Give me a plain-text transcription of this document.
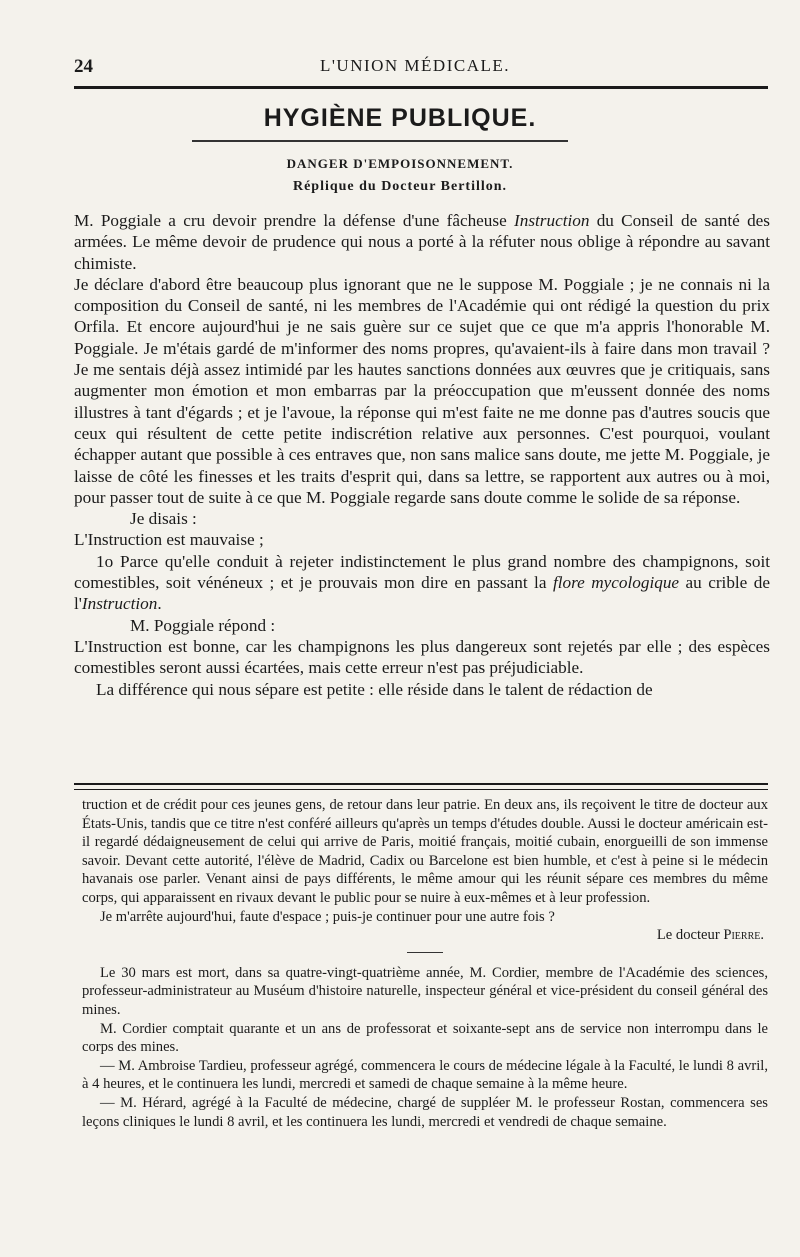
24	L'UNION MÉDICALE.
HYGIÈNE PUBLIQUE.
DANGER D'EMPOISONNEMENT.
Réplique du Docteur Bertillon.

M. Poggiale a cru devoir prendre la défense d'une fâcheuse Instruction du Conseil de santé des armées. Le même devoir de prudence qui nous a porté à la réfuter nous oblige à répondre au savant chimiste.

Je déclare d'abord être beaucoup plus ignorant que ne le suppose M. Poggiale ; je ne connais ni la composition du Conseil de santé, ni les membres de l'Académie qui ont rédigé la question du prix Orfila. Et encore aujourd'hui je ne sais guère sur ce sujet que ce que m'a appris l'honorable M. Poggiale. Je m'étais gardé de m'informer des noms propres, qu'avaient-ils à faire dans mon travail ? Je me sentais déjà assez intimidé par les hautes sanctions données aux œuvres que je critiquais, sans augmenter mon émotion et mon embarras par la préoccupation que m'eussent donnée des noms illustres à tant d'égards ; et je l'avoue, la réponse qui m'est faite ne me donne pas d'autres soucis que ceux qui résultent de cette petite indiscrétion relative aux personnes. C'est pourquoi, voulant échapper autant que possible à ces entraves que, non sans malice sans doute, me jette M. Poggiale, je laisse de côté les finesses et les traits d'esprit qui, dans sa lettre, se rapportent aux autres ou à moi, pour passer tout de suite à ce que M. Poggiale regarde sans doute comme le solide de sa réponse.

Je disais :

L'Instruction est mauvaise ;

1o Parce qu'elle conduit à rejeter indistinctement le plus grand nombre des champignons, soit comestibles, soit vénéneux ; et je prouvais mon dire en passant la flore mycologique au crible de l'Instruction.

M. Poggiale répond :

L'Instruction est bonne, car les champignons les plus dangereux sont rejetés par elle ; des espèces comestibles seront aussi écartées, mais cette erreur n'est pas préjudiciable.

La différence qui nous sépare est petite : elle réside dans le talent de rédaction de

truction et de crédit pour ces jeunes gens, de retour dans leur patrie. En deux ans, ils reçoivent le titre de docteur aux États-Unis, tandis que ce titre n'est conféré ailleurs qu'après un temps d'études double. Aussi le docteur américain est-il regardé dédaigneusement de celui qui arrive de Paris, moitié français, moitié cubain, enorgueilli de son immense savoir. Devant cette autorité, l'élève de Madrid, Cadix ou Barcelone est bien humble, et c'est à peine si le médecin havanais ose parler. Venant ainsi de pays différents, le même amour qui les réunit sépare ces membres du même corps, qui apparaissent en rivaux devant le public pour se nuire à eux-mêmes et à leur profession.

Je m'arrête aujourd'hui, faute d'espace ; puis-je continuer pour une autre fois ?

Le docteur Pierre.

Le 30 mars est mort, dans sa quatre-vingt-quatrième année, M. Cordier, membre de l'Académie des sciences, professeur-administrateur au Muséum d'histoire naturelle, inspecteur général et vice-président du conseil général des mines.

M. Cordier comptait quarante et un ans de professorat et soixante-sept ans de service non interrompu dans le corps des mines.

— M. Ambroise Tardieu, professeur agrégé, commencera le cours de médecine légale à la Faculté, le lundi 8 avril, à 4 heures, et le continuera les lundi, mercredi et samedi de chaque semaine à la même heure.

— M. Hérard, agrégé à la Faculté de médecine, chargé de suppléer M. le professeur Rostan, commencera ses leçons cliniques le lundi 8 avril, et les continuera les lundi, mercredi et vendredi de chaque semaine.
